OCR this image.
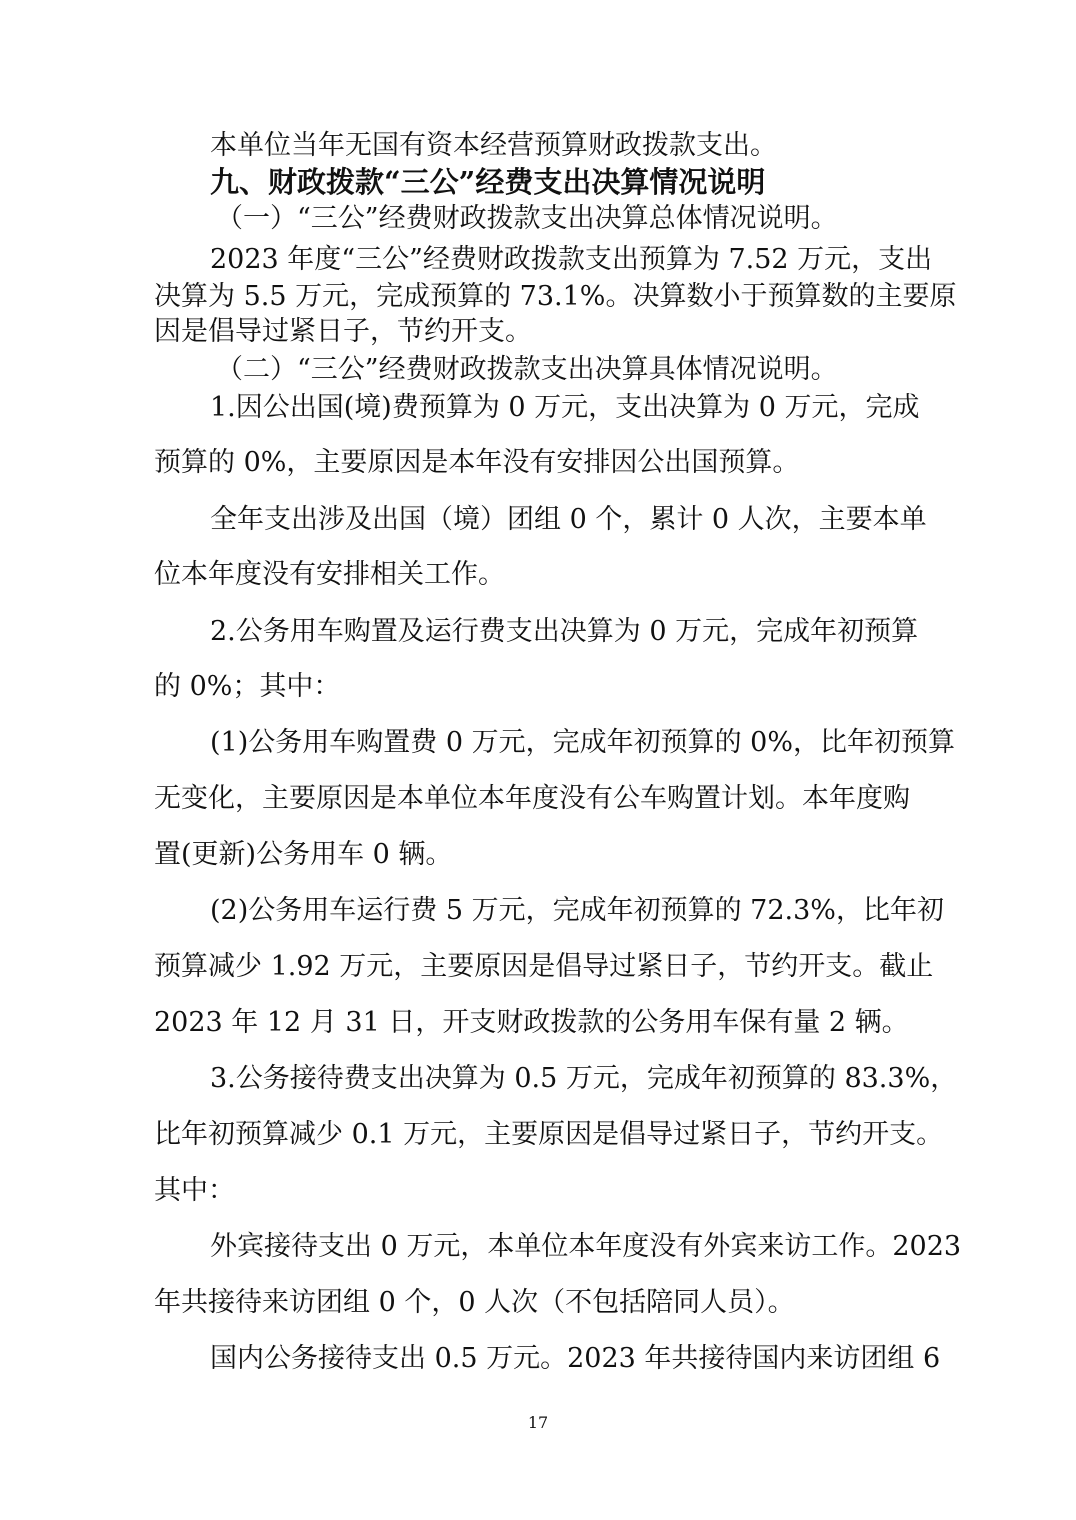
本单位当年无国有资本经营预算财政拨款支出。
九、财政拨款“三公”经费支出决算情况说明
（一）“三公”经费财政拨款支出决算总体情况说明。
2023 年度“三公”经费财政拨款支出预算为 7.52 万元，支出
决算为 5.5 万元，完成预算的 73.1%。决算数小于预算数的主要原
因是倡导过紧日子，节约开支。
（二）“三公”经费财政拨款支出决算具体情况说明。
1.因公出国(境)费预算为 0 万元，支出决算为 0 万元，完成
预算的 0%，主要原因是本年没有安排因公出国预算。
全年支出涉及出国（境）团组 0 个，累计 0 人次，主要本单
位本年度没有安排相关工作。
2.公务用车购置及运行费支出决算为 0 万元，完成年初预算
的 0%；其中：
(1)公务用车购置费 0 万元，完成年初预算的 0%，比年初预算
无变化，主要原因是本单位本年度没有公车购置计划。本年度购
置(更新)公务用车 0 辆。
(2)公务用车运行费 5 万元，完成年初预算的 72.3%，比年初
预算减少 1.92 万元，主要原因是倡导过紧日子，节约开支。截止
2023 年 12 月 31 日，开支财政拨款的公务用车保有量 2 辆。
3.公务接待费支出决算为 0.5 万元，完成年初预算的 83.3%，
比年初预算减少 0.1 万元，主要原因是倡导过紧日子，节约开支。
其中：
外宾接待支出 0 万元，本单位本年度没有外宾来访工作。2023
年共接待来访团组 0 个，0 人次（不包括陪同人员）。
国内公务接待支出 0.5 万元。2023 年共接待国内来访团组 6
17
